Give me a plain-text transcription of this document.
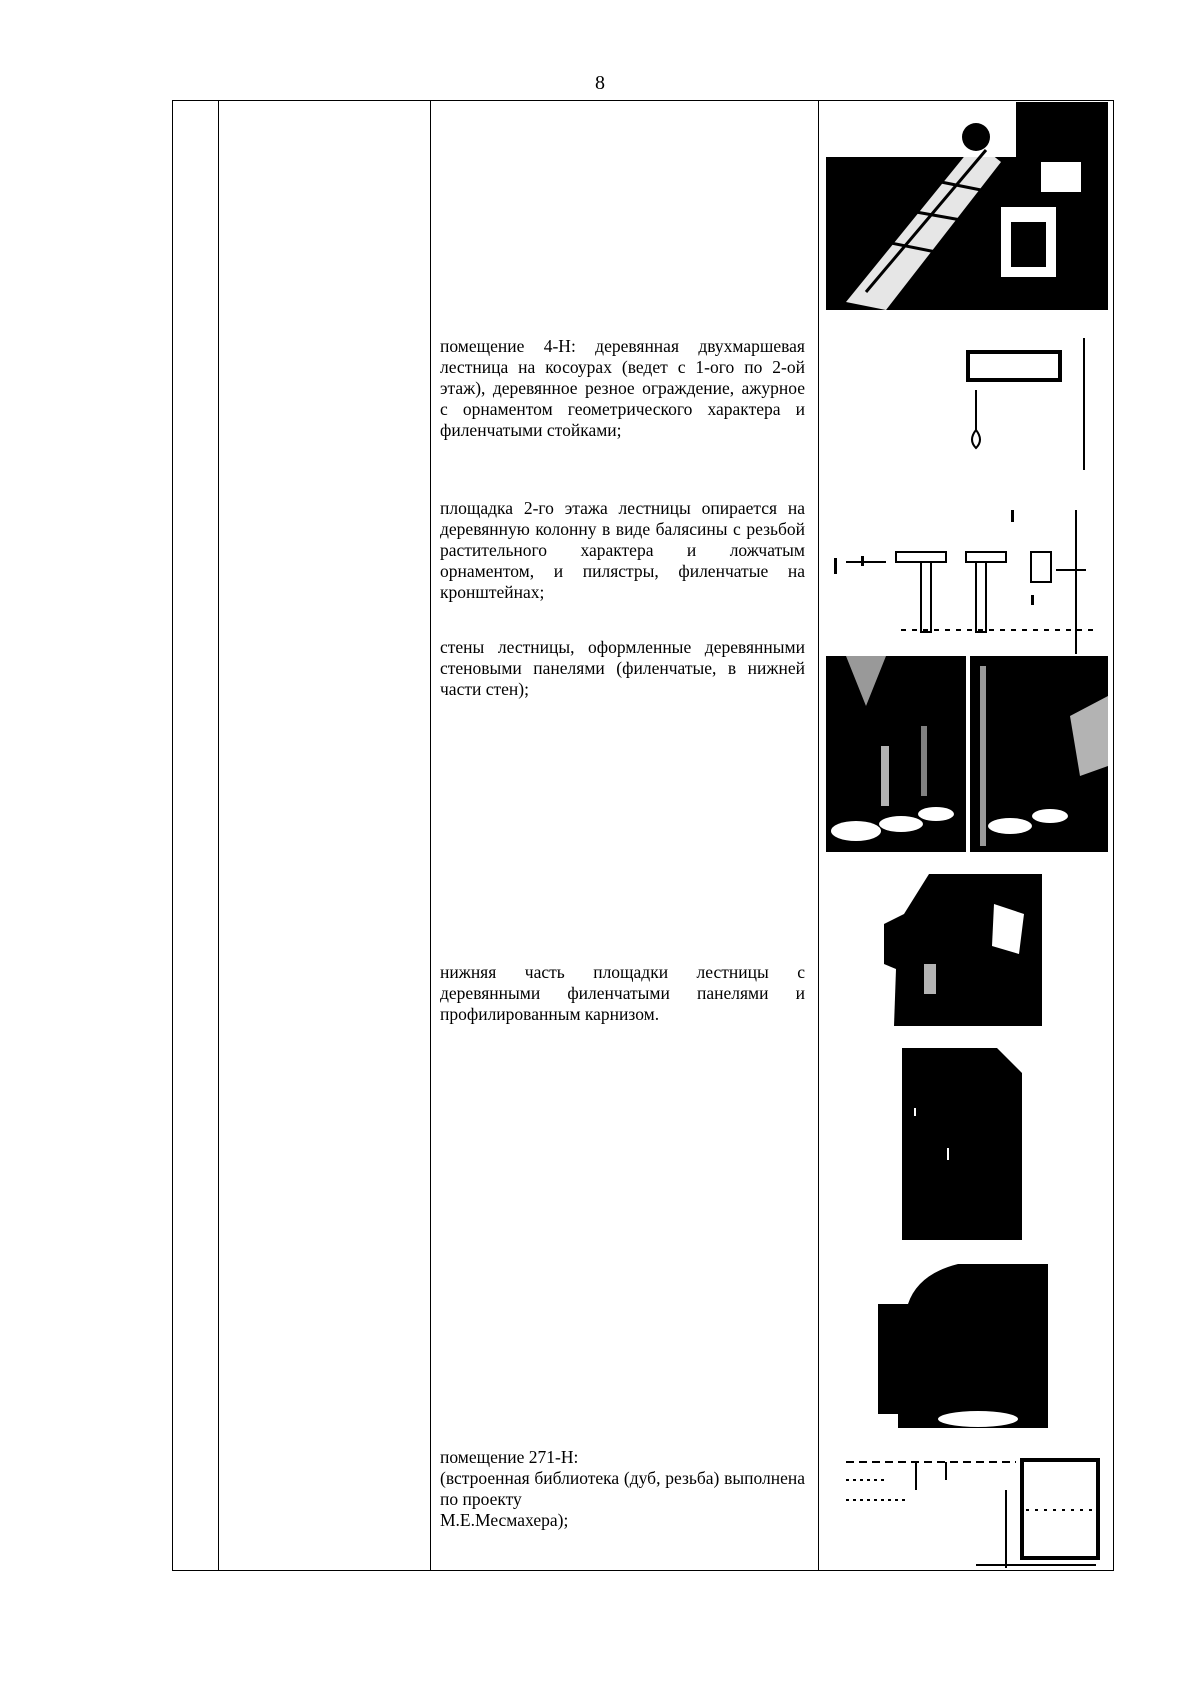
8

помещение 4-Н: деревянная двухмаршевая лестница на косоурах (ведет с 1-ого по 2-ой этаж), деревянное резное ограждение, ажурное с орнаментом геометрического характера и филенчатыми стойками;

площадка 2-го этажа лестницы опирается на деревянную колонну в виде балясины с резьбой растительного характера и ложчатым орнаментом, и пилястры, филенчатые на кронштейнах;

стены лестницы, оформленные деревянными стеновыми панелями (филенчатые, в нижней части стен);

нижняя часть площадки лестницы с деревянными филенчатыми панелями и профилированным карнизом.

помещение 271-Н:

(встроенная библиотека (дуб, резьба) выполнена по проекту

М.Е.Месмахера);
